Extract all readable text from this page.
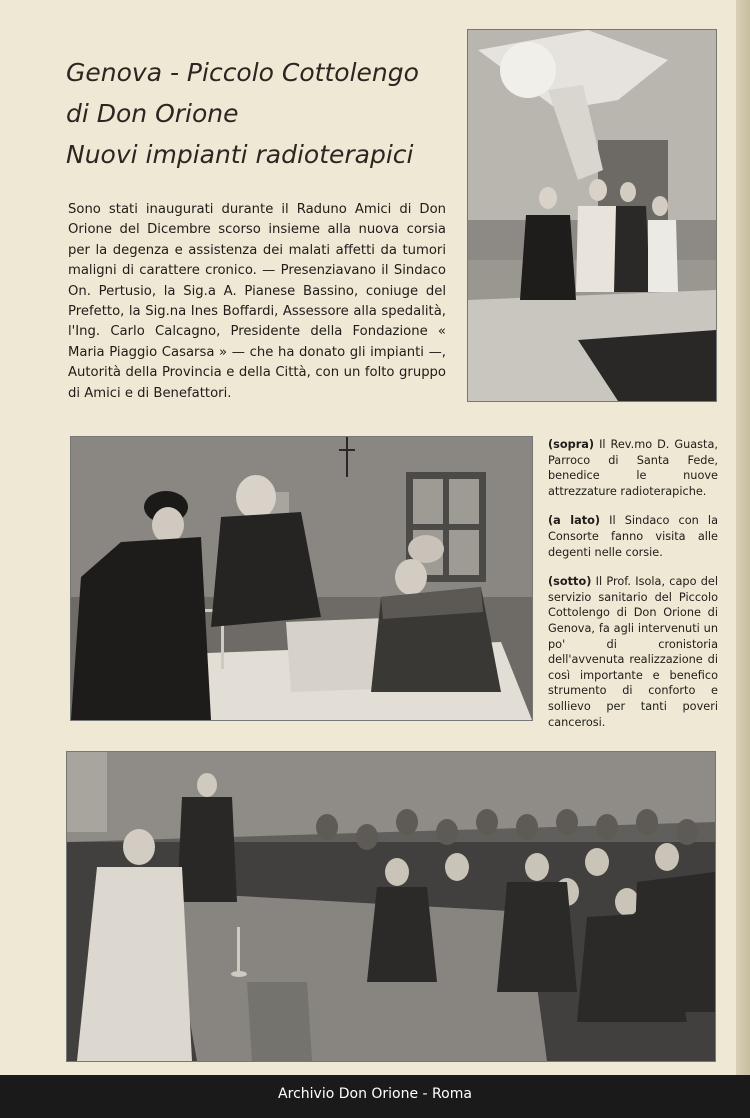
Genova - Piccolo Cottolengo
di Don Orione
Nuovi impianti radioterapici

Sono stati inaugurati durante il Raduno Amici di Don Orione del Dicembre scorso insieme alla nuova corsia per la degenza e assistenza dei malati affetti da tumori maligni di carattere cronico. — Presenziavano il Sindaco On. Pertusio, la Sig.a A. Pianese Bassino, coniuge del Prefetto, la Sig.na Ines Boffardi, Assessore alla spedalità, l'Ing. Carlo Calcagno, Presidente della Fondazione « Maria Piaggio Casarsa » — che ha donato gli impianti —, Autorità della Provincia e della Città, con un folto gruppo di Amici e di Benefattori.

(sopra) Il Rev.mo D. Guasta, Parroco di Santa Fede, benedice le nuove attrezzature radioterapiche.

(a lato) Il Sindaco con la Consorte fanno visita alle degenti nelle corsie.

(sotto) Il Prof. Isola, capo del servizio sanitario del Piccolo Cottolengo di Don Orione di Genova, fa agli intervenuti un po' di cronistoria dell'avvenuta realizzazione di così importante e benefico strumento di conforto e sollievo per tanti poveri cancerosi.

Archivio Don Orione - Roma
